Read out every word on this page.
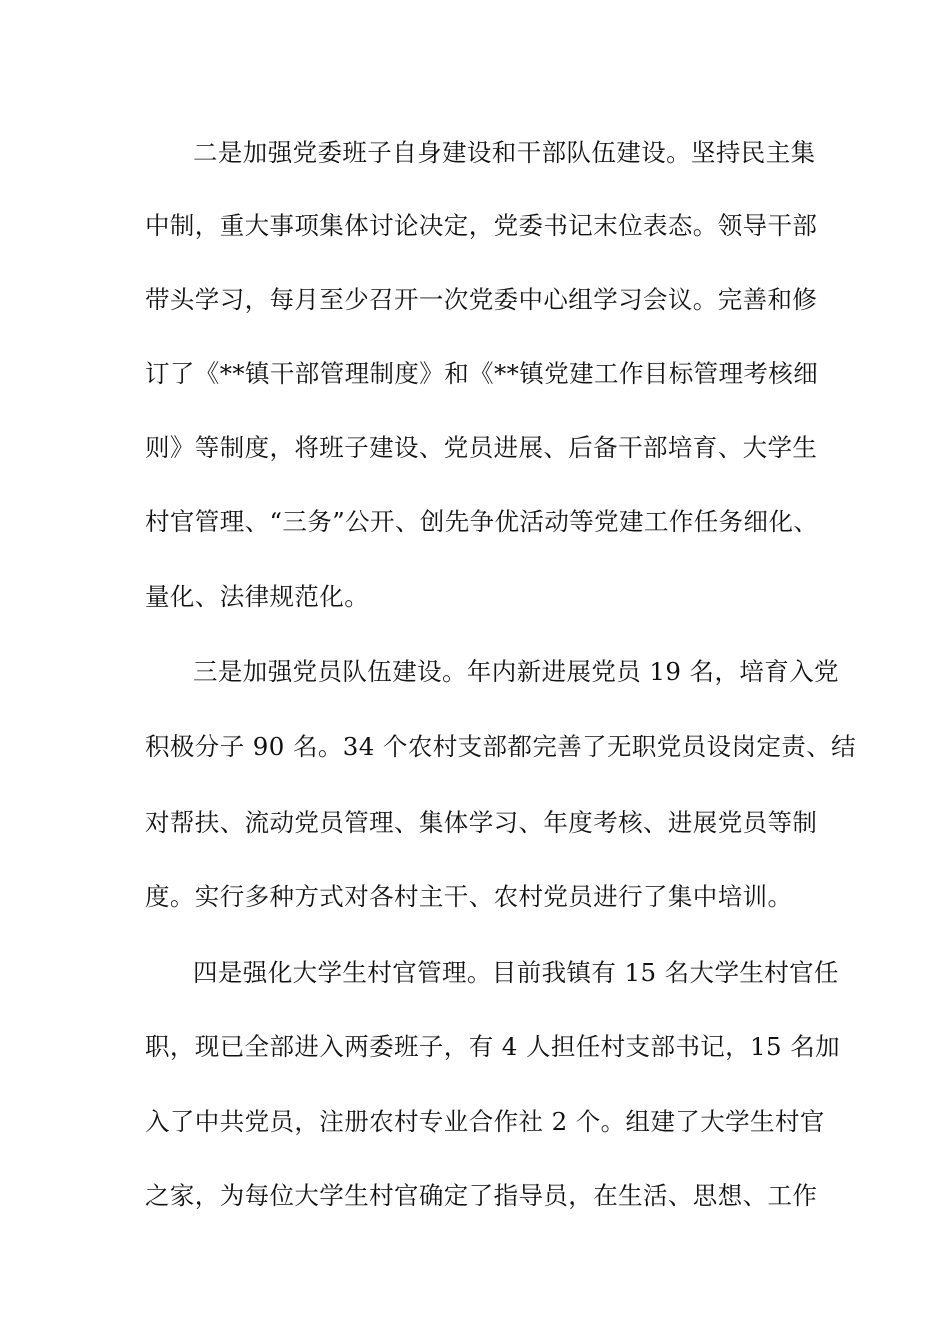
二是加强党委班子自身建设和干部队伍建设。坚持民主集
中制，重大事项集体讨论决定，党委书记末位表态。领导干部
带头学习，每月至少召开一次党委中心组学习会议。完善和修
订了《**镇干部管理制度》和《**镇党建工作目标管理考核细
则》等制度，将班子建设、党员进展、后备干部培育、大学生
村官管理、“三务”公开、创先争优活动等党建工作任务细化、
量化、法律规范化。
三是加强党员队伍建设。年内新进展党员 19 名，培育入党
积极分子 90 名。34 个农村支部都完善了无职党员设岗定责、结
对帮扶、流动党员管理、集体学习、年度考核、进展党员等制
度。实行多种方式对各村主干、农村党员进行了集中培训。
四是强化大学生村官管理。目前我镇有 15 名大学生村官任
职，现已全部进入两委班子，有 4 人担任村支部书记，15 名加
入了中共党员，注册农村专业合作社 2 个。组建了大学生村官
之家，为每位大学生村官确定了指导员，在生活、思想、工作
